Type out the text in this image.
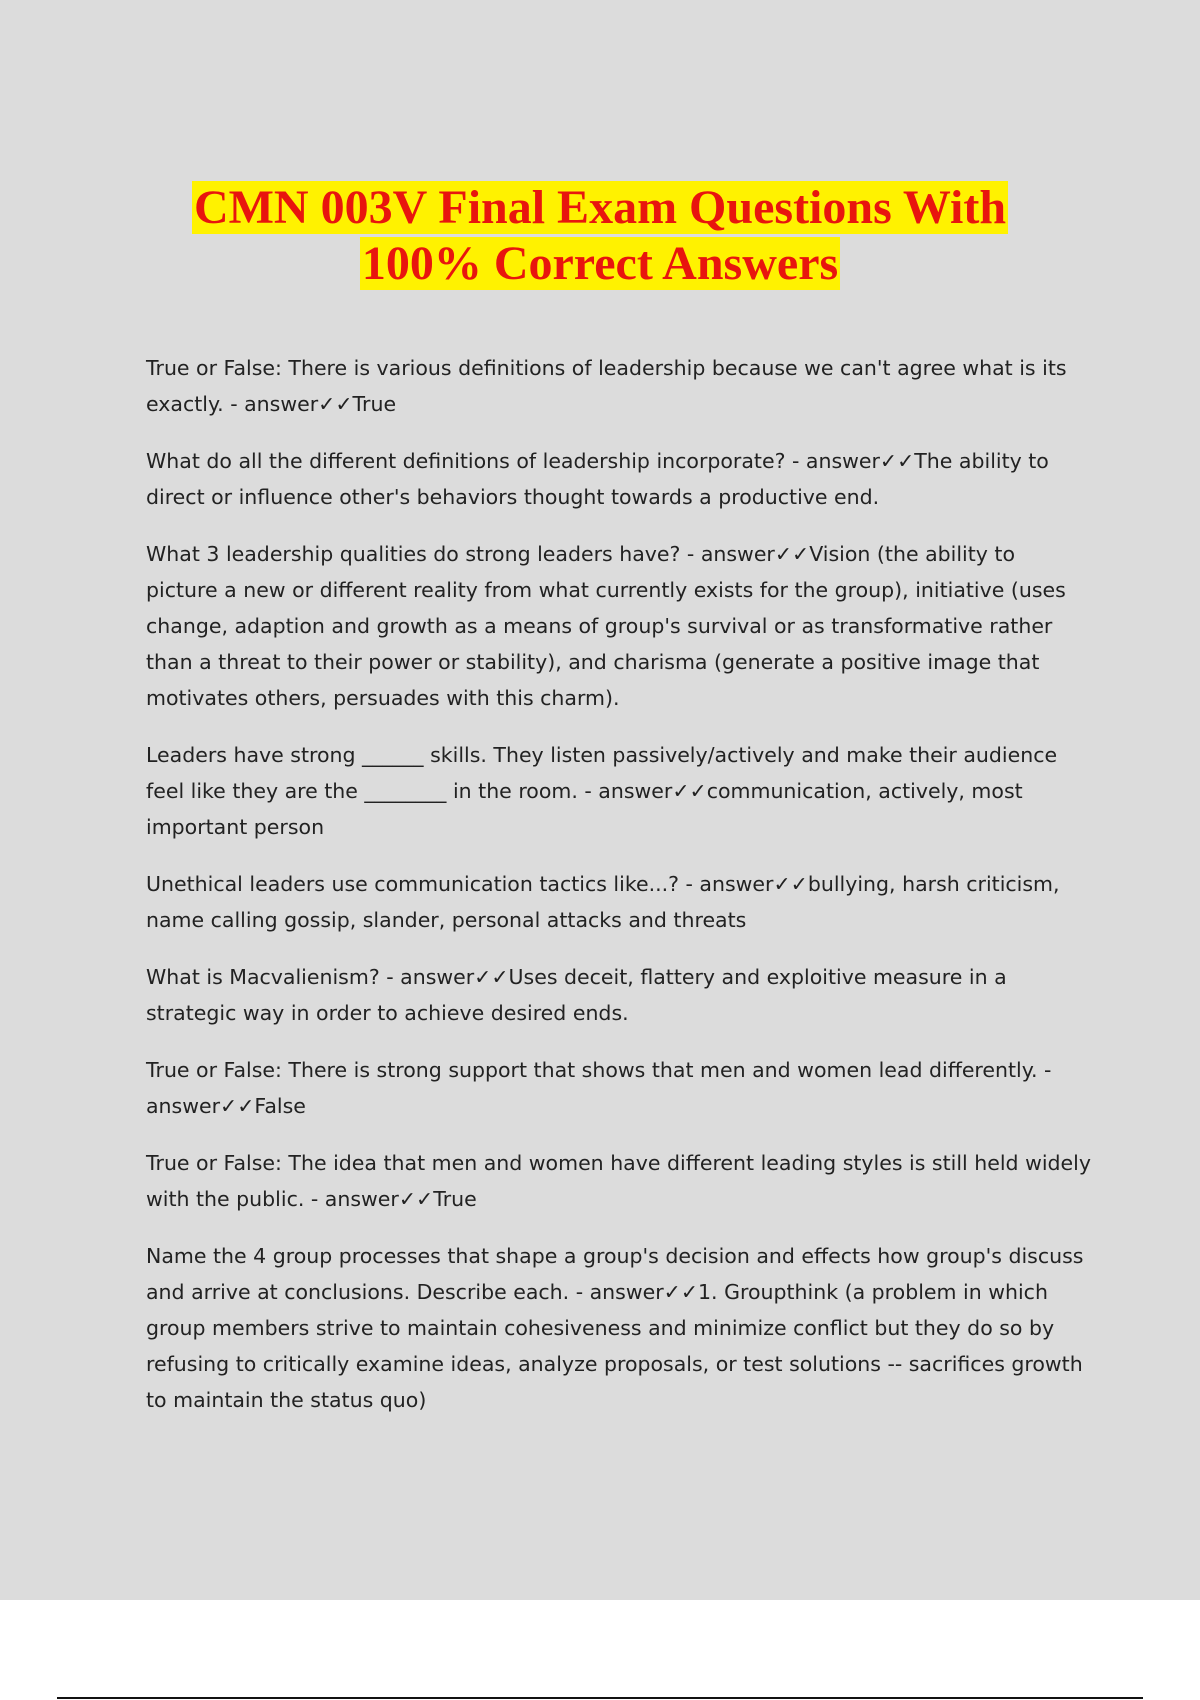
CMN 003V Final Exam Questions With
100% Correct Answers

True or False: There is various definitions of leadership because we can't agree what is its exactly. - answer✓✓True

What do all the different definitions of leadership incorporate? - answer✓✓The ability to direct or influence other's behaviors thought towards a productive end.

What 3 leadership qualities do strong leaders have? - answer✓✓Vision (the ability to picture a new or different reality from what currently exists for the group), initiative (uses change, adaption and growth as a means of group's survival or as transformative rather than a threat to their power or stability), and charisma (generate a positive image that motivates others, persuades with this charm).

Leaders have strong ______ skills. They listen passively/actively and make their audience feel like they are the ________ in the room. - answer✓✓communication, actively, most important person

Unethical leaders use communication tactics like...? - answer✓✓bullying, harsh criticism, name calling gossip, slander, personal attacks and threats

What is Macvalienism? - answer✓✓Uses deceit, flattery and exploitive measure in a strategic way in order to achieve desired ends.

True or False: There is strong support that shows that men and women lead differently. - answer✓✓False

True or False: The idea that men and women have different leading styles is still held widely with the public. - answer✓✓True

Name the 4 group processes that shape a group's decision and effects how group's discuss and arrive at conclusions. Describe each. - answer✓✓1. Groupthink (a problem in which group members strive to maintain cohesiveness and minimize conflict but they do so by refusing to critically examine ideas, analyze proposals, or test solutions -- sacrifices growth to maintain the status quo)
